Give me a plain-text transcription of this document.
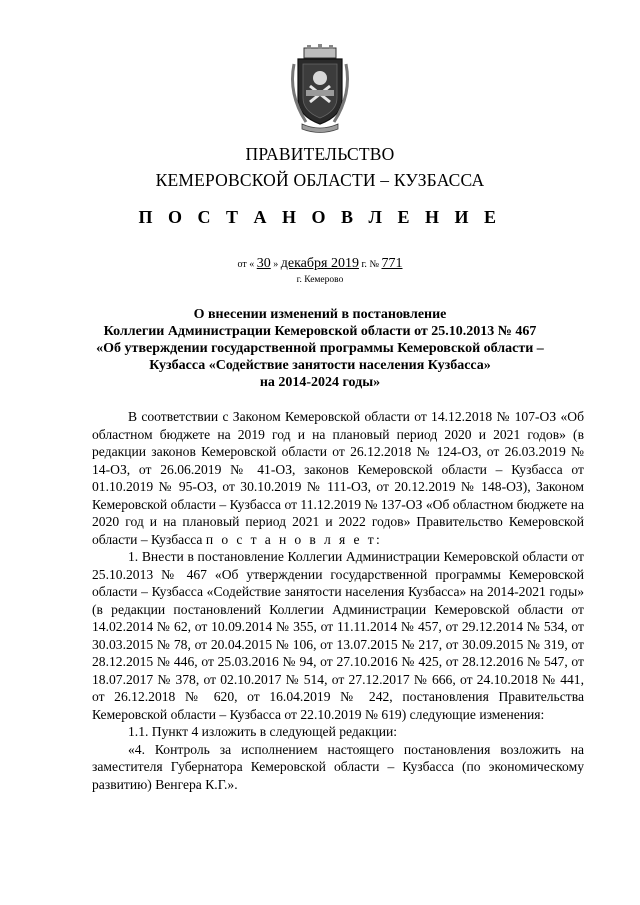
ПРАВИТЕЛЬСТВО
КЕМЕРОВСКОЙ ОБЛАСТИ – КУЗБАССА
П О С Т А Н О В Л Е Н И Е
от « 30 » декабря 2019 г. № 771
г. Кемерово
О внесении изменений в постановление
Коллегии Администрации Кемеровской области от 25.10.2013 № 467
«Об утверждении государственной программы Кемеровской области –
Кузбасса «Содействие занятости населения Кузбасса»
на 2014-2024 годы»

В соответствии с Законом Кемеровской области от 14.12.2018 № 107-ОЗ «Об областном бюджете на 2019 год и на плановый период 2020 и 2021 годов» (в редакции законов Кемеровской области от 26.12.2018 № 124-ОЗ, от 26.03.2019 № 14-ОЗ, от 26.06.2019 № 41-ОЗ, законов Кемеровской области – Кузбасса от 01.10.2019 № 95-ОЗ, от 30.10.2019 № 111-ОЗ, от 20.12.2019 № 148-ОЗ), Законом Кемеровской области – Кузбасса от 11.12.2019 № 137-ОЗ «Об областном бюджете на 2020 год и на плановый период 2021 и 2022 годов» Правительство Кемеровской области – Кузбасса п о с т а н о в л я е т:

1. Внести в постановление Коллегии Администрации Кемеровской области от 25.10.2013 № 467 «Об утверждении государственной программы Кемеровской области – Кузбасса «Содействие занятости населения Кузбасса» на 2014-2021 годы» (в редакции постановлений Коллегии Администрации Кемеровской области от 14.02.2014 № 62, от 10.09.2014 № 355, от 11.11.2014 № 457, от 29.12.2014 № 534, от 30.03.2015 № 78, от 20.04.2015 № 106, от 13.07.2015 № 217, от 30.09.2015 № 319, от 28.12.2015 № 446, от 25.03.2016 № 94, от 27.10.2016 № 425, от 28.12.2016 № 547, от 18.07.2017 № 378, от 02.10.2017 № 514, от 27.12.2017 № 666, от 24.10.2018 № 441, от 26.12.2018 № 620, от 16.04.2019 № 242, постановления Правительства Кемеровской области – Кузбасса от 22.10.2019 № 619) следующие изменения:

1.1. Пункт 4 изложить в следующей редакции:

«4. Контроль за исполнением настоящего постановления возложить на заместителя Губернатора Кемеровской области – Кузбасса (по экономическому развитию) Венгера К.Г.».
